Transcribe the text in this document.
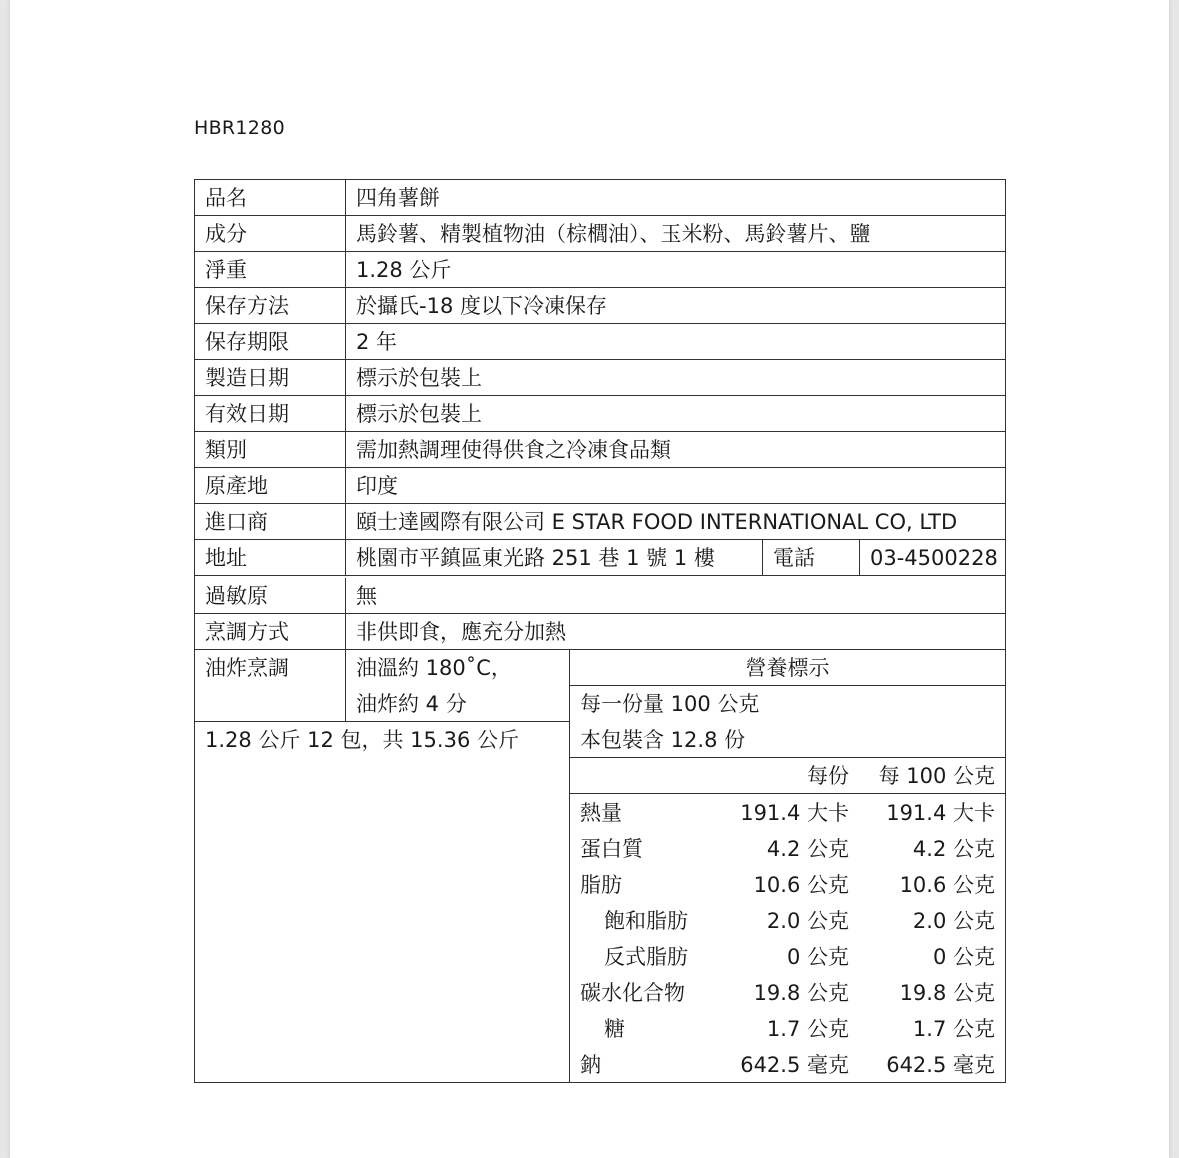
HBR1280
品名	四角薯餅
成分	馬鈴薯、精製植物油（棕櫚油）、玉米粉、馬鈴薯片、鹽
淨重	1.28 公斤
保存方法	於攝氏-18 度以下冷凍保存
保存期限	2 年
製造日期	標示於包裝上
有效日期	標示於包裝上
類別	需加熱調理使得供食之冷凍食品類
原產地	印度
進口商	頤士達國際有限公司 E STAR FOOD INTERNATIONAL CO, LTD
地址	桃園市平鎮區東光路 251 巷 1 號 1 樓	電話	03-4500228
過敏原	無
烹調方式	非供即食，應充分加熱
油炸烹調	油溫約 180˚C，
油炸約 4 分
1.28 公斤 12 包，共 15.36 公斤
營養標示
每一份量 100 公克
本包裝含 12.8 份
每份 每 100 公克
熱量	191.4 大卡 191.4 大卡
蛋白質	4.2 公克	4.2 公克
脂肪	10.6 公克 10.6 公克
飽和脂肪	2.0 公克	2.0 公克
反式脂肪	0 公克	0 公克
碳水化合物	19.8 公克 19.8 公克
糖	1.7 公克	1.7 公克
鈉	642.5 毫克 642.5 毫克
